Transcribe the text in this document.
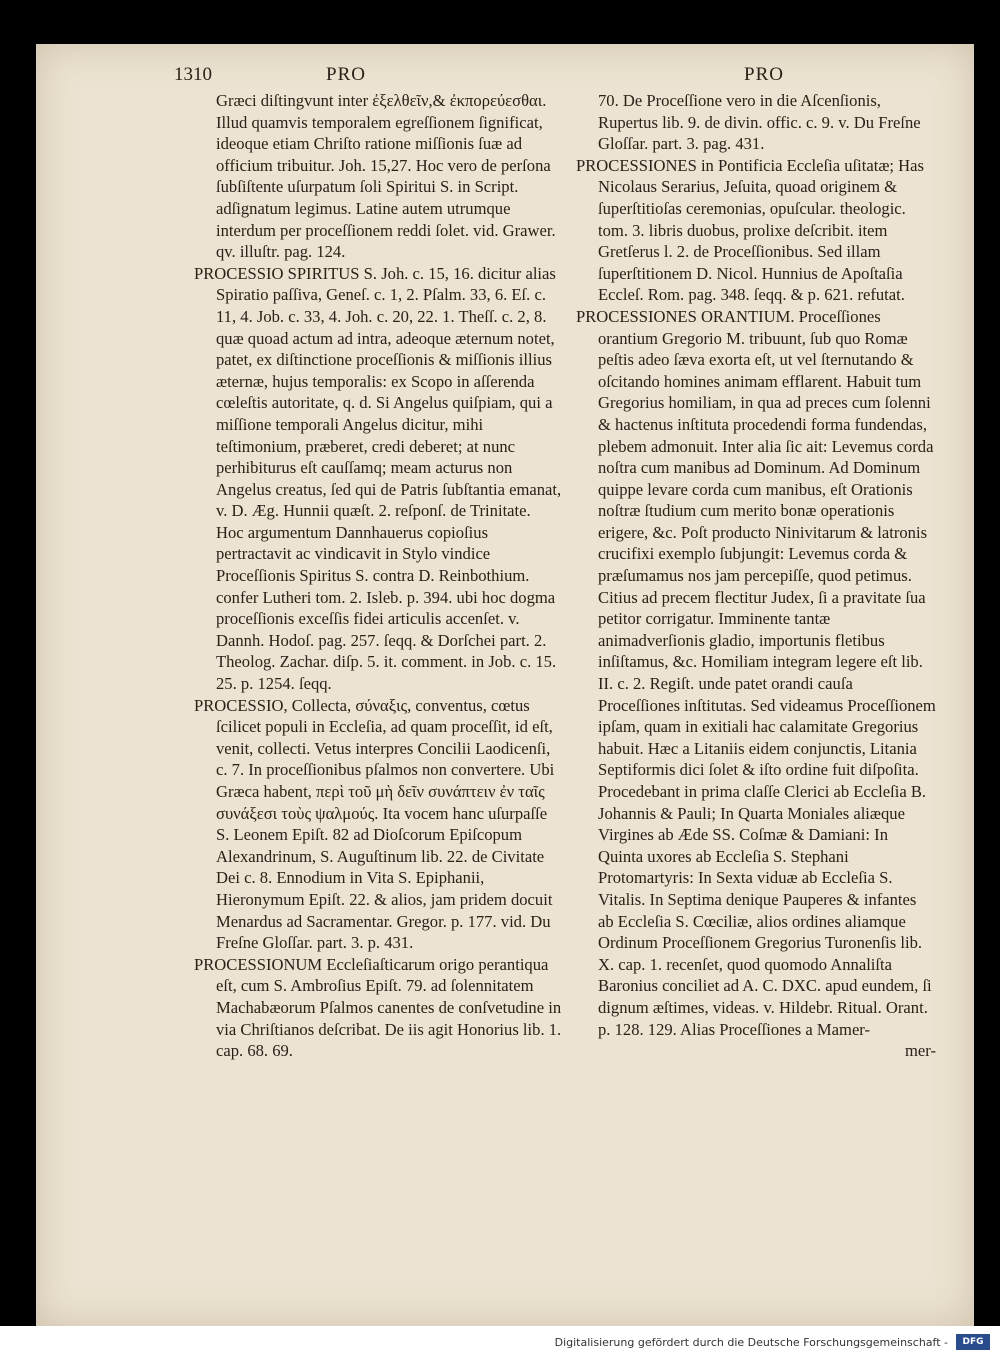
1310	PRO	PRO

Græci diſtingvunt inter ἐξελθεῖν,& ἐκπορεύεσθαι. Illud quamvis temporalem egreſſionem ſignificat, ideoque etiam Chriſto ratione miſſionis ſuæ ad officium tribuitur. Joh. 15,27. Hoc vero de perſona ſubſiſtente uſurpatum ſoli Spiritui S. in Script. adſignatum legimus. Latine autem utrumque interdum per proceſſionem reddi ſolet. vid. Grawer. qv. illuſtr. pag. 124.

PROCESSIO SPIRITUS S. Joh. c. 15, 16. dicitur alias Spiratio paſſiva, Geneſ. c. 1, 2. Pſalm. 33, 6. Eſ. c. 11, 4. Job. c. 33, 4. Joh. c. 20, 22. 1. Theſſ. c. 2, 8. quæ quoad actum ad intra, adeoque æternum notet, patet, ex diſtinctione proceſſionis & miſſionis illius æternæ, hujus temporalis: ex Scopo in aſſerenda cœleſtis autoritate, q. d. Si Angelus quiſpiam, qui a miſſione temporali Angelus dicitur, mihi teſtimonium, præberet, credi deberet; at nunc perhibiturus eſt cauſſamq; meam acturus non Angelus creatus, ſed qui de Patris ſubſtantia emanat, v. D. Æg. Hunnii quæſt. 2. reſponſ. de Trinitate. Hoc argumentum Dannhauerus copioſius pertractavit ac vindicavit in Stylo vindice Proceſſionis Spiritus S. contra D. Reinbothium. confer Lutheri tom. 2. Isleb. p. 394. ubi hoc dogma proceſſionis exceſſis fidei articulis accenſet. v. Dannh. Hodoſ. pag. 257. ſeqq. & Dorſchei part. 2. Theolog. Zachar. diſp. 5. it. comment. in Job. c. 15. 25. p. 1254. ſeqq.

PROCESSIO, Collecta, σύναξις, conventus, cœtus ſcilicet populi in Eccleſia, ad quam proceſſit, id eſt, venit, collecti. Vetus interpres Concilii Laodicenſi, c. 7. In proceſſionibus pſalmos non convertere. Ubi Græca habent, περὶ τοῦ μὴ δεῖν συνάπτειν ἐν ταῖς συνάξεσι τοὺς ψαλμούς. Ita vocem hanc uſurpaſſe S. Leonem Epiſt. 82 ad Dioſcorum Epiſcopum Alexandrinum, S. Auguſtinum lib. 22. de Civitate Dei c. 8. Ennodium in Vita S. Epiphanii, Hieronymum Epiſt. 22. & alios, jam pridem docuit Menardus ad Sacramentar. Gregor. p. 177. vid. Du Freſne Gloſſar. part. 3. p. 431.

PROCESSIONUM Eccleſiaſticarum origo perantiqua eſt, cum S. Ambroſius Epiſt. 79. ad ſolennitatem Machabæorum Pſalmos canentes de conſvetudine in via Chriſtianos deſcribat. De iis agit Honorius lib. 1. cap. 68. 69.

70. De Proceſſione vero in die Aſcenſionis, Rupertus lib. 9. de divin. offic. c. 9. v. Du Freſne Gloſſar. part. 3. pag. 431.

PROCESSIONES in Pontificia Eccleſia uſitatæ; Has Nicolaus Serarius, Jeſuita, quoad originem & ſuperſtitioſas ceremonias, opuſcular. theologic. tom. 3. libris duobus, prolixe deſcribit. item Gretſerus l. 2. de Proceſſionibus. Sed illam ſuperſtitionem D. Nicol. Hunnius de Apoſtaſia Eccleſ. Rom. pag. 348. ſeqq. & p. 621. refutat.

PROCESSIONES ORANTIUM. Proceſſiones orantium Gregorio M. tribuunt, ſub quo Romæ peſtis adeo ſæva exorta eſt, ut vel ſternutando & oſcitando homines animam efflarent. Habuit tum Gregorius homiliam, in qua ad preces cum ſolenni & hactenus inſtituta procedendi forma fundendas, plebem admonuit. Inter alia ſic ait: Levemus corda noſtra cum manibus ad Dominum. Ad Dominum quippe levare corda cum manibus, eſt Orationis noſtræ ſtudium cum merito bonæ operationis erigere, &c. Poſt producto Ninivitarum & latronis crucifixi exemplo ſubjungit: Levemus corda & præſumamus nos jam percepiſſe, quod petimus. Citius ad precem flectitur Judex, ſi a pravitate ſua petitor corrigatur. Imminente tantæ animadverſionis gladio, importunis fletibus inſiſtamus, &c. Homiliam integram legere eſt lib. II. c. 2. Regiſt. unde patet orandi cauſa Proceſſiones inſtitutas. Sed videamus Proceſſionem ipſam, quam in exitiali hac calamitate Gregorius habuit. Hæc a Litaniis eidem conjunctis, Litania Septiformis dici ſolet & iſto ordine fuit diſpoſita. Procedebant in prima claſſe Clerici ab Eccleſia B. Johannis & Pauli; In Quarta Moniales aliæque Virgines ab Æde SS. Coſmæ & Damiani: In Quinta uxores ab Eccleſia S. Stephani Protomartyris: In Sexta viduæ ab Eccleſia S. Vitalis. In Septima denique Pauperes & infantes ab Eccleſia S. Cœciliæ, alios ordines aliamque Ordinum Proceſſionem Gregorius Turonenſis lib. X. cap. 1. recenſet, quod quomodo Annaliſta Baronius conciliet ad A. C. DXC. apud eundem, ſi dignum æſtimes, videas. v. Hildebr. Ritual. Orant. p. 128. 129. Alias Proceſſiones a Mamer-

mer-
Digitalisierung gefördert durch die Deutsche Forschungsgemeinschaft -	DFG
